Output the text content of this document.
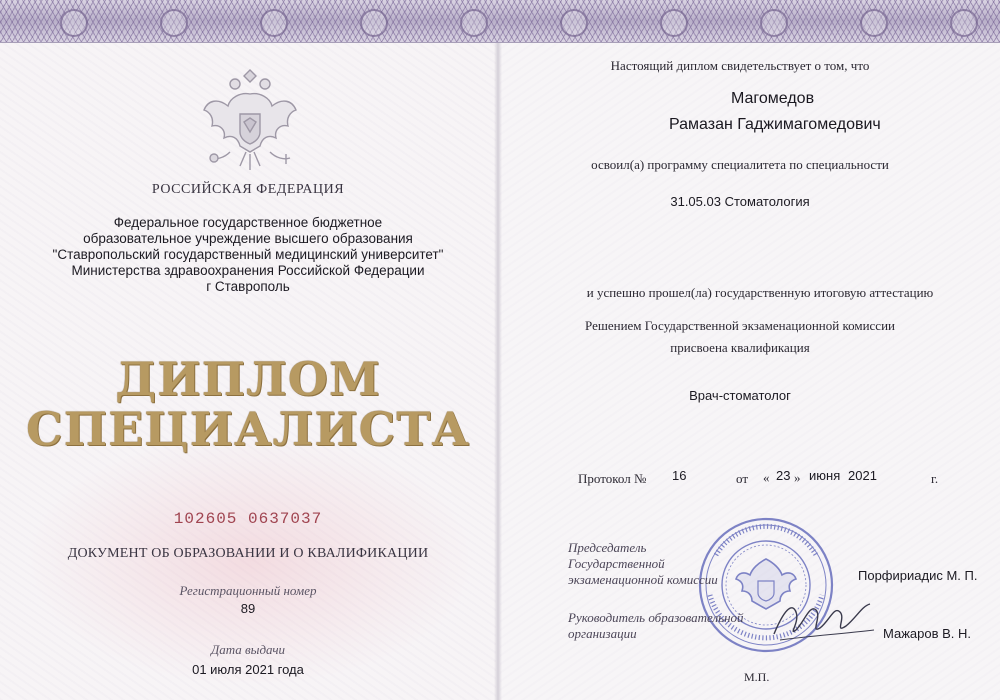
РОССИЙСКАЯ ФЕДЕРАЦИЯ
Федеральное государственное бюджетное
образовательное учреждение высшего образования
"Ставропольский государственный медицинский университет"
Министерства здравоохранения Российской Федерации
г Ставрополь
ДИПЛОМ
СПЕЦИАЛИСТА
102605 0637037
ДОКУМЕНТ ОБ ОБРАЗОВАНИИ И О КВАЛИФИКАЦИИ
Регистрационный номер
89
Дата выдачи
01 июля 2021 года
Настоящий диплом свидетельствует о том, что
Магомедов
Рамазан Гаджимагомедович
освоил(а) программу специалитета по специальности
31.05.03 Стоматология
и успешно прошел(ла) государственную итоговую аттестацию
Решением Государственной экзаменационной комиссии
присвоена квалификация
Врач-стоматолог
Протокол № 16	от « 23 » июня 2021	г.
Председатель
Государственной
экзаменационной комиссии	Порфириадис М. П.
Руководитель образовательной
организации	Мажаров В. Н.
М.П.
